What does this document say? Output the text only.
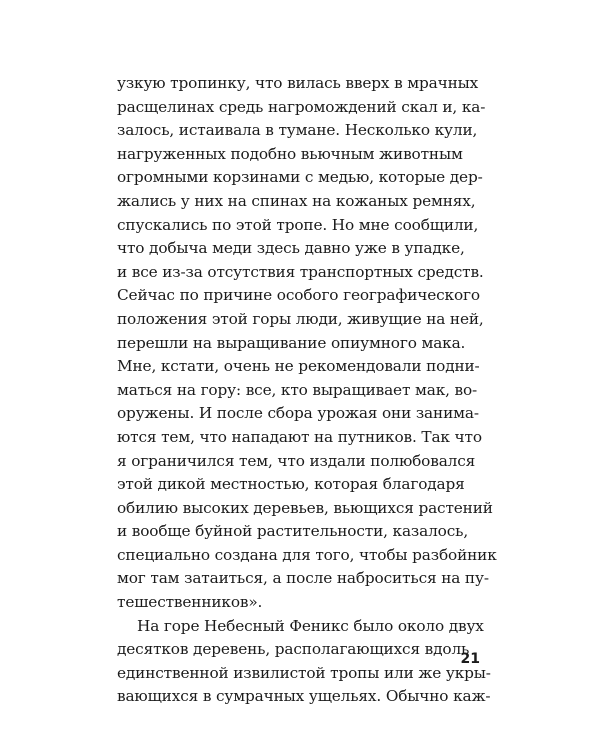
узкую тропинку, что вилась вверх в мрачных
расщелинах средь нагромождений скал и, ка-
залось, истаивала в тумане. Несколько кули,
нагруженных подобно вьючным животным
огромными корзинами с медью, которые дер-
жались у них на спинах на кожаных ремнях,
спускались по этой тропе. Но мне сообщили,
что добыча меди здесь давно уже в упадке,
и все из-за отсутствия транспортных средств.
Сейчас по причине особого географического
положения этой горы люди, живущие на ней,
перешли на выращивание опиумного мака.
Мне, кстати, очень не рекомендовали подни-
маться на гору: все, кто выращивает мак, во-
оружены. И после сбора урожая они занима-
ются тем, что нападают на путников. Так что
я ограничился тем, что издали полюбовался
этой дикой местностью, которая благодаря
обилию высоких деревьев, вьющихся растений
и вообще буйной растительности, казалось,
специально создана для того, чтобы разбойник
мог там затаиться, а после наброситься на пу-
тешественников».
На горе Небесный Феникс было около двух
десятков деревень, располагающихся вдоль
единственной извилистой тропы или же укры-
вающихся в сумрачных ущельях. Обычно каж-
21
